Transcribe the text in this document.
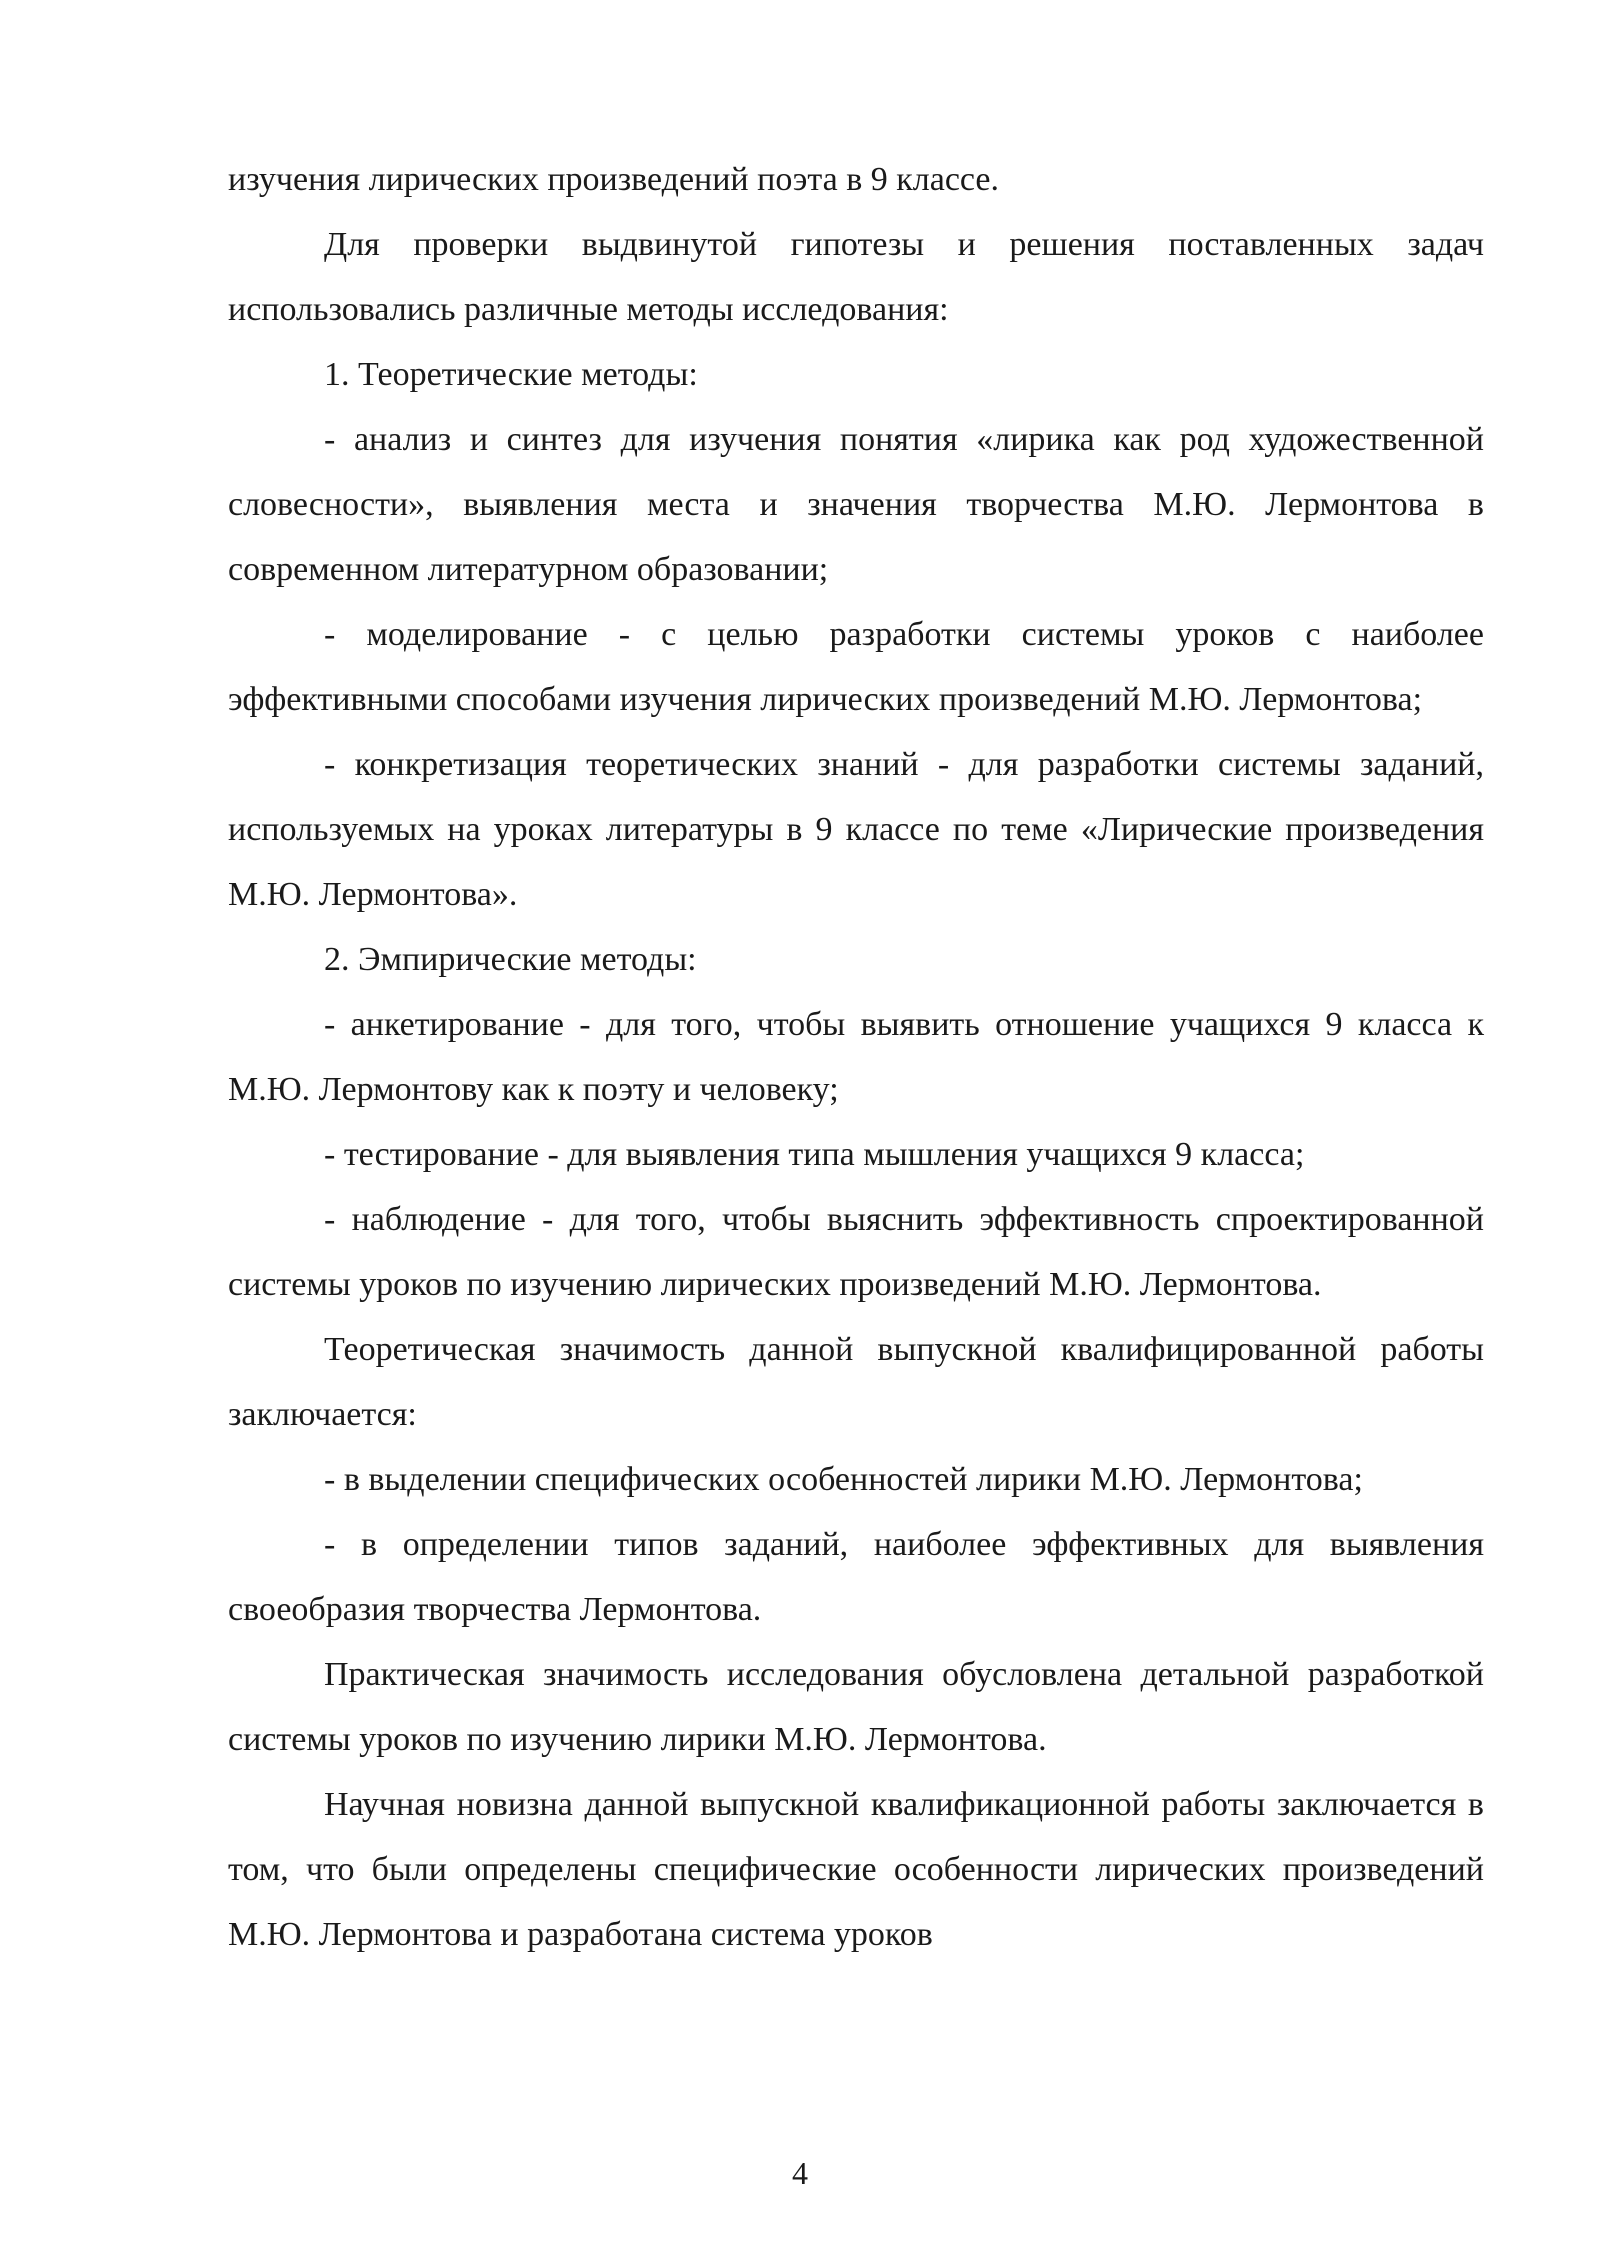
изучения лирических произведений поэта в 9 классе.

Для проверки выдвинутой гипотезы и решения поставленных задач использовались различные методы исследования:

1. Теоретические методы:

- анализ и синтез для изучения понятия «лирика как род художественной словесности», выявления места и значения творчества М.Ю. Лермонтова в современном литературном образовании;

- моделирование - с целью разработки системы уроков с наиболее эффективными способами изучения лирических произведений М.Ю. Лермонтова;

- конкретизация теоретических знаний - для разработки системы заданий, используемых на уроках литературы в 9 классе по теме «Лирические произведения М.Ю. Лермонтова».

2. Эмпирические методы:

- анкетирование - для того, чтобы выявить отношение учащихся 9 класса к М.Ю. Лермонтову как к поэту и человеку;

- тестирование - для выявления типа мышления учащихся 9 класса;

- наблюдение - для того, чтобы выяснить эффективность спроектированной системы уроков по изучению лирических произведений М.Ю. Лермонтова.

Теоретическая значимость данной выпускной квалифицированной работы заключается:

- в выделении специфических особенностей лирики М.Ю. Лермонтова;

- в определении типов заданий, наиболее эффективных для выявления своеобразия творчества Лермонтова.

Практическая значимость исследования обусловлена детальной разработкой системы уроков по изучению лирики М.Ю. Лермонтова.

Научная новизна данной выпускной квалификационной работы заключается в том, что были определены специфические особенности лирических произведений М.Ю. Лермонтова и разработана система уроков

4
